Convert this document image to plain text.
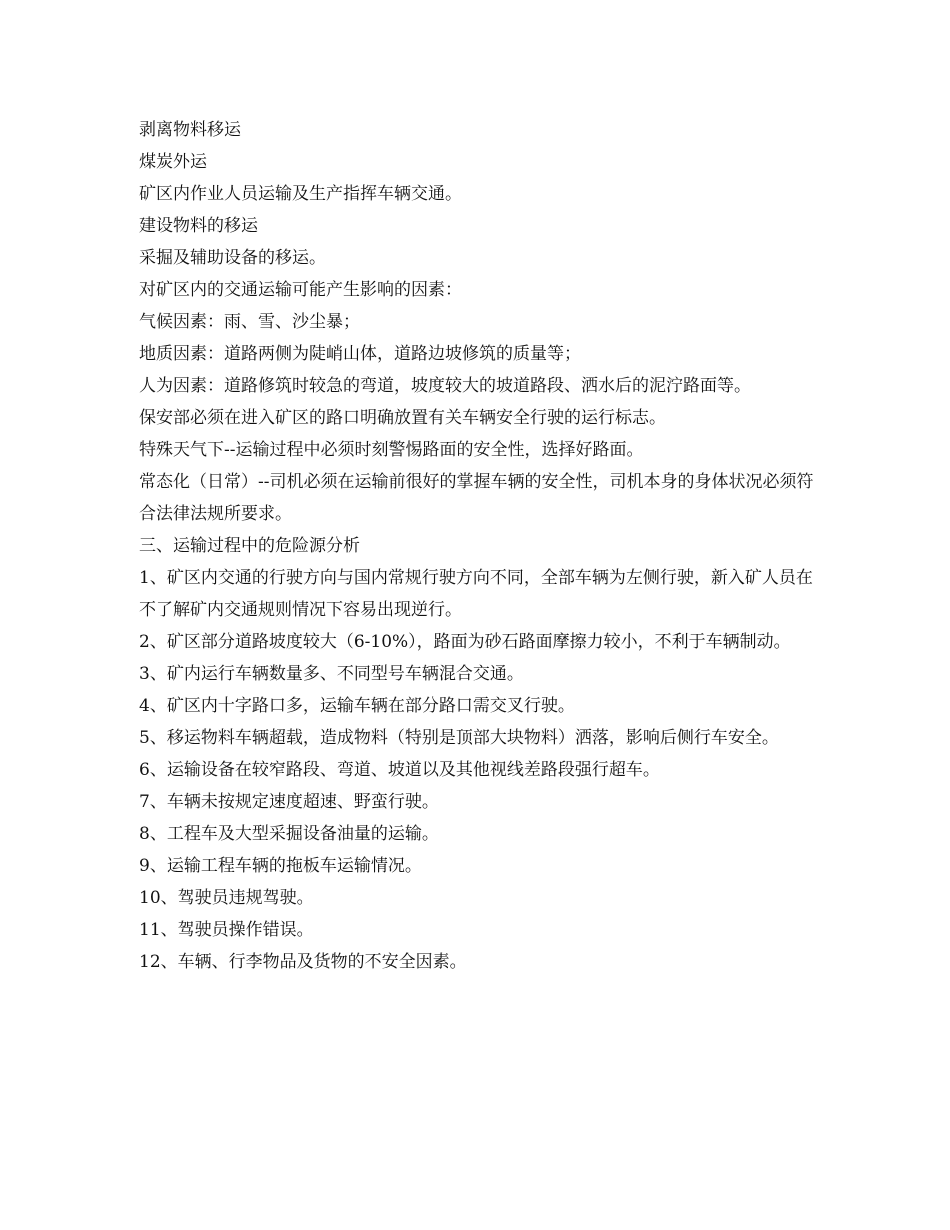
剥离物料移运

煤炭外运

矿区内作业人员运输及生产指挥车辆交通。

建设物料的移运

采掘及辅助设备的移运。

对矿区内的交通运输可能产生影响的因素：

气候因素：雨、雪、沙尘暴；

地质因素：道路两侧为陡峭山体，道路边坡修筑的质量等；

人为因素：道路修筑时较急的弯道，坡度较大的坡道路段、洒水后的泥泞路面等。

保安部必须在进入矿区的路口明确放置有关车辆安全行驶的运行标志。

特殊天气下--运输过程中必须时刻警惕路面的安全性，选择好路面。

常态化（日常）--司机必须在运输前很好的掌握车辆的安全性，司机本身的身体状况必须符合法律法规所要求。

三、运输过程中的危险源分析

1、矿区内交通的行驶方向与国内常规行驶方向不同，全部车辆为左侧行驶，新入矿人员在不了解矿内交通规则情况下容易出现逆行。

2、矿区部分道路坡度较大（6-10%），路面为砂石路面摩擦力较小，不利于车辆制动。

3、矿内运行车辆数量多、不同型号车辆混合交通。

4、矿区内十字路口多，运输车辆在部分路口需交叉行驶。

5、移运物料车辆超载，造成物料（特别是顶部大块物料）洒落，影响后侧行车安全。

6、运输设备在较窄路段、弯道、坡道以及其他视线差路段强行超车。

7、车辆未按规定速度超速、野蛮行驶。

8、工程车及大型采掘设备油量的运输。

9、运输工程车辆的拖板车运输情况。

10、驾驶员违规驾驶。

11、驾驶员操作错误。

12、车辆、行李物品及货物的不安全因素。
